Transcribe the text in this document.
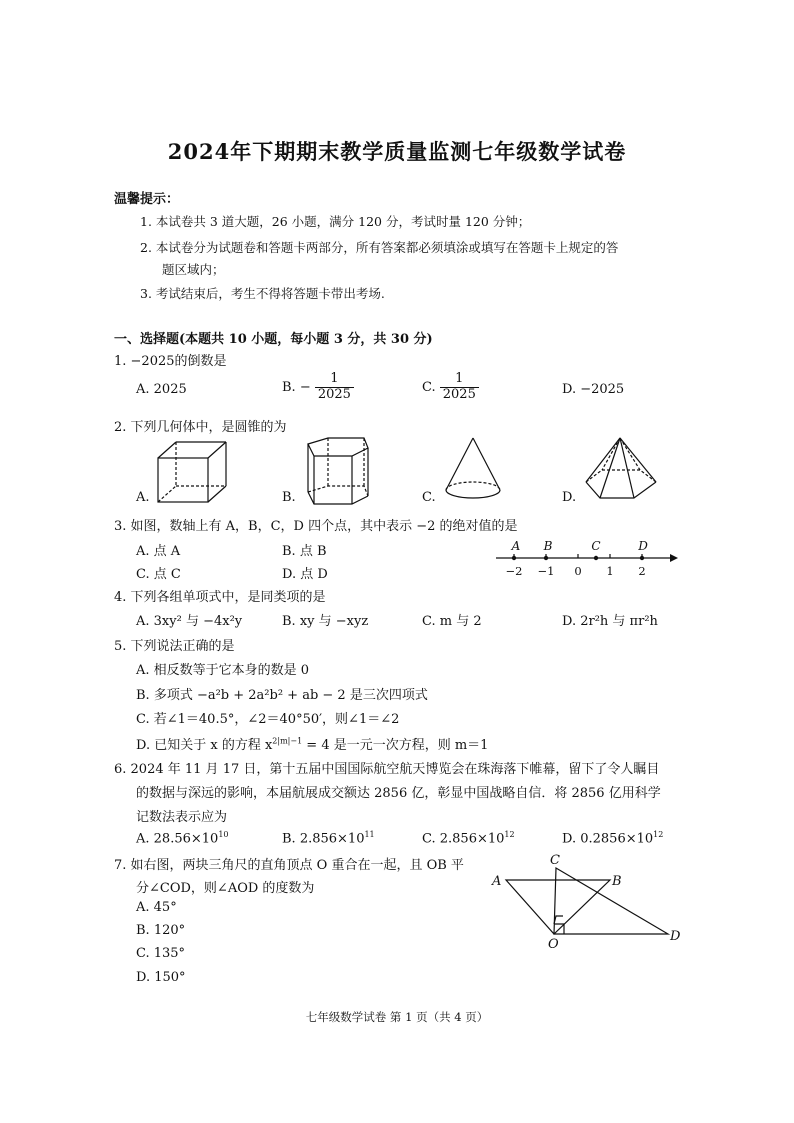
2024年下期期末教学质量监测七年级数学试卷
温馨提示：
1. 本试卷共 3 道大题，26 小题，满分 120 分，考试时量 120 分钟；
2. 本试卷分为试题卷和答题卡两部分，所有答案都必须填涂或填写在答题卡上规定的答
题区域内；
3. 考试结束后，考生不得将答题卡带出考场.
一、选择题(本题共 10 小题，每小题 3 分，共 30 分)
1. −2025的倒数是
A. 2025	B. − $\frac{1}{2025}$	C. $\frac{1}{2025}$	D. −2025
2. 下列几何体中，是圆锥的为
A.	B.	C.	D.
3. 如图，数轴上有 A，B，C，D 四个点，其中表示 −2 的绝对值的是
A. 点 A	B. 点 B
C. 点 C	D. 点 D
A B	C	D
−2 −1 0 1 2
4. 下列各组单项式中，是同类项的是
A. 3xy² 与 −4x²y	B. xy 与 −xyz	C. m 与 2	D. 2r²h 与 πr²h
5. 下列说法正确的是
A. 相反数等于它本身的数是 0
B. 多项式 −a²b + 2a²b² + ab − 2 是三次四项式
C. 若∠1＝40.5°，∠2＝40°50′，则∠1＝∠2
D. 已知关于 x 的方程 $x^{2|m|-1} = 4$ 是一元一次方程，则 m＝1
6. 2024 年 11 月 17 日，第十五届中国国际航空航天博览会在珠海落下帷幕，留下了令人瞩目
的数据与深远的影响，本届航展成交额达 2856 亿，彰显中国战略自信．将 2856 亿用科学
记数法表示应为
A. $28.56\times 10^{10}$	B. $2.856\times 10^{11}$	C. $2.856\times 10^{12}$	D. $0.2856\times 10^{12}$
7. 如右图，两块三角尺的直角顶点 O 重合在一起，且 OB 平
分∠COD，则∠AOD 的度数为
A. 45°
B. 120°
C. 135°
D. 150°
C
A	B
O
D
七年级数学试卷 第 1 页（共 4 页）
